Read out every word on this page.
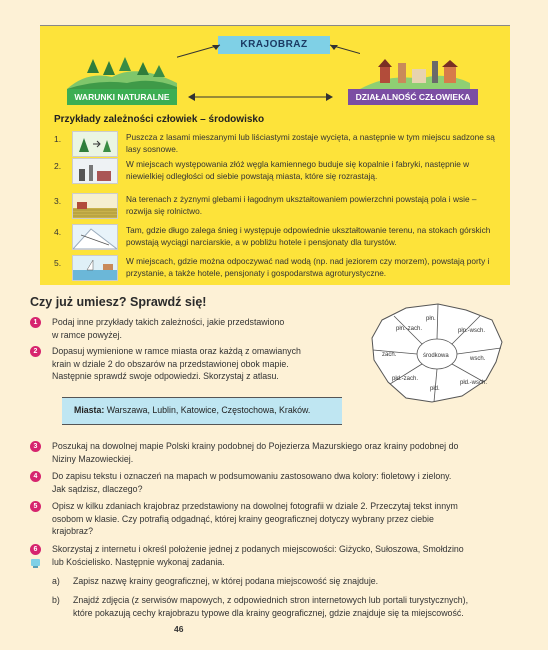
KRAJOBRAZ
WARUNKI NATURALNE	DZIAŁALNOŚĆ CZŁOWIEKA
Przykłady zależności człowiek – środowisko
1.	Puszcza z lasami mieszanymi lub liściastymi zostaje wycięta, a następnie w tym miejscu sadzone są lasy sosnowe.
2.	W miejscach występowania złóż węgla kamiennego buduje się kopalnie i fabryki, następnie w niewielkiej odległości od siebie powstają miasta, które się rozrastają.
3.	Na terenach z żyznymi glebami i łagodnym ukształtowaniem powierzchni powstają pola i wsie – rozwija się rolnictwo.
4.	Tam, gdzie długo zalega śnieg i występuje odpowiednie ukształtowanie terenu, na stokach górskich powstają wyciągi narciarskie, a w pobliżu hotele i pensjonaty dla turystów.
5.	W miejscach, gdzie można odpoczywać nad wodą (np. nad jeziorem czy morzem), powstają porty i przystanie, a także hotele, pensjonaty i gospodarstwa agroturystyczne.
Czy już umiesz? Sprawdź się!
płn.-zach.
płn.
płn.-wsch.
zach.	środkowa	wsch.
płd.-zach.
płd.
płd.-wsch.
1	Podaj inne przykłady takich zależności, jakie przedstawiono
w ramce powyżej.
2	Dopasuj wymienione w ramce miasta oraz każdą z omawianych
krain w dziale 2 do obszarów na przedstawionej obok mapie.
Następnie sprawdź swoje odpowiedzi. Skorzystaj z atlasu.
Miasta: Warszawa, Lublin, Katowice, Częstochowa, Kraków.
3	Poszukaj na dowolnej mapie Polski krainy podobnej do Pojezierza Mazurskiego oraz krainy podobnej do
Niziny Mazowieckiej.
4	Do zapisu tekstu i oznaczeń na mapach w podsumowaniu zastosowano dwa kolory: fioletowy i zielony.
Jak sądzisz, dlaczego?
5	Opisz w kilku zdaniach krajobraz przedstawiony na dowolnej fotografii w dziale 2. Przeczytaj tekst innym
osobom w klasie. Czy potrafią odgadnąć, której krainy geograficznej dotyczy wybrany przez ciebie
krajobraz?
6	Skorzystaj z internetu i określ położenie jednej z podanych miejscowości: Giżycko, Sułoszowa, Smołdzino
lub Kościelisko. Następnie wykonaj zadania.
a) Zapisz nazwę krainy geograficznej, w której podana miejscowość się znajduje.
b) Znajdź zdjęcia (z serwisów mapowych, z odpowiednich stron internetowych lub portali turystycznych),
które pokazują cechy krajobrazu typowe dla krainy geograficznej, gdzie znajduje się ta miejscowość.
46
